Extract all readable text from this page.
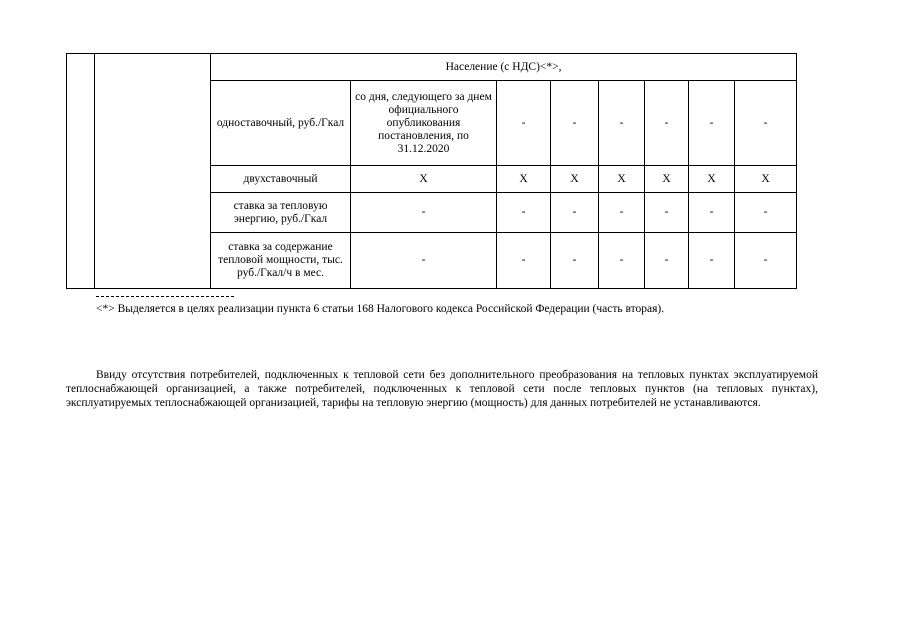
		Население (с НДС)<*>,							
		одноставочный, руб./Гкал	со дня, следующего за днем официального опубликования постановления, по 31.12.2020	-	-	-	-	-	-
		двухставочный	Х	Х	Х	Х	Х	Х	Х
		ставка за тепловую энергию, руб./Гкал	-	-	-	-	-	-	-
		ставка за содержание тепловой мощности, тыс. руб./Гкал/ч в мес.	-	-	-	-	-	-	-
<*> Выделяется в целях реализации пункта 6 статьи 168 Налогового кодекса Российской Федерации (часть вторая).

Ввиду отсутствия потребителей, подключенных к тепловой сети без дополнительного преобразования на тепловых пунктах эксплуатируемой теплоснабжающей организацией, а также потребителей, подключенных к тепловой сети после тепловых пунктов (на тепловых пунктах), эксплуатируемых теплоснабжающей организацией, тарифы на тепловую энергию (мощность) для данных потребителей не устанавливаются.
